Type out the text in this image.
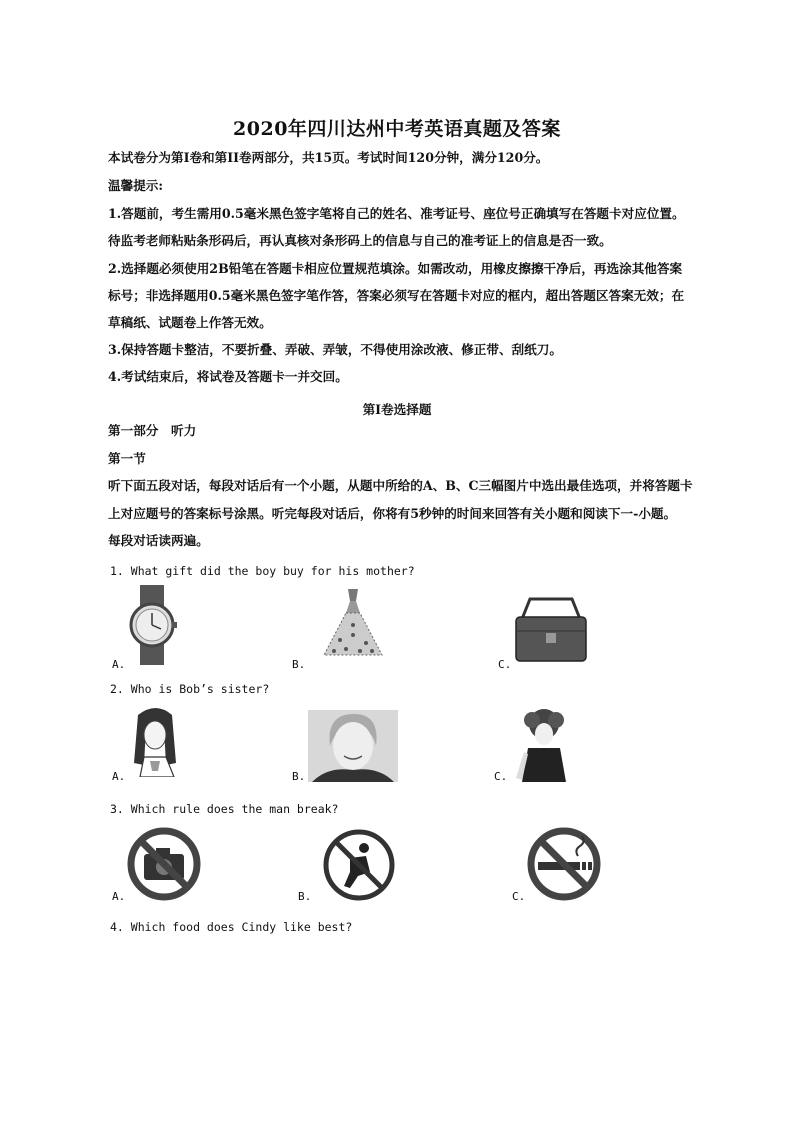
2020年四川达州中考英语真题及答案
本试卷分为第I卷和第II卷两部分，共15页。考试时间120分钟，满分120分。
温馨提示:
1.答题前，考生需用0.5毫米黑色签字笔将自己的姓名、准考证号、座位号正确填写在答题卡对应位置。
待监考老师粘贴条形码后，再认真核对条形码上的信息与自己的准考证上的信息是否一致。
2.选择题必须使用2B铅笔在答题卡相应位置规范填涂。如需改动，用橡皮擦擦干净后，再选涂其他答案
标号；非选择题用0.5毫米黑色签字笔作答，答案必须写在答题卡对应的框内，超出答题区答案无效；在
草稿纸、试题卷上作答无效。
3.保持答题卡整洁，不要折叠、弄破、弄皱，不得使用涂改液、修正带、刮纸刀。
4.考试结束后，将试卷及答题卡一并交回。
第I卷选择题
第一部分　听力
第一节
听下面五段对话，每段对话后有一个小题，从题中所给的A、B、C三幅图片中选出最佳选项，并将答题卡
上对应题号的答案标号涂黑。听完每段对话后，你将有5秒钟的时间来回答有关小题和阅读下一-小题。
每段对话读两遍。
1. What gift did the boy buy for his mother?
A.	B.	C.
2. Who is Bob’s sister?
A.	B.	C.
3. Which rule does the man break?
A.	B.	C.
4. Which food does Cindy like best?
